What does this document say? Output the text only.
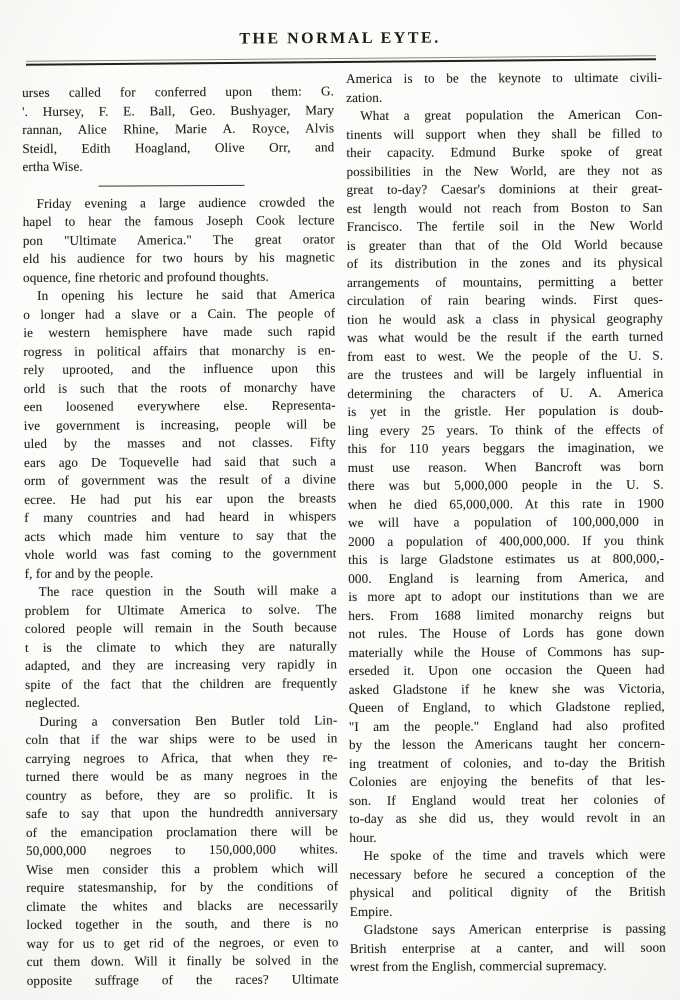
THE NORMAL EYTE.
urses called for conferred upon them: G.
'. Hursey, F. E. Ball, Geo. Bushyager, Mary
rannan, Alice Rhine, Marie A. Royce, Alvis
Steidl, Edith Hoagland, Olive Orr, and
ertha Wise.
Friday evening a large audience crowded the
hapel to hear the famous Joseph Cook lecture
pon "Ultimate America." The great orator
eld his audience for two hours by his magnetic
oquence, fine rhetoric and profound thoughts.
In opening his lecture he said that America
o longer had a slave or a Cain. The people of
ie western hemisphere have made such rapid
rogress in political affairs that monarchy is en-
rely uprooted, and the influence upon this
orld is such that the roots of monarchy have
een loosened everywhere else. Representa-
ive government is increasing, people will be
uled by the masses and not classes. Fifty
ears ago De Toquevelle had said that such a
orm of government was the result of a divine
ecree. He had put his ear upon the breasts
f many countries and had heard in whispers
acts which made him venture to say that the
vhole world was fast coming to the government
f, for and by the people.
The race question in the South will make a
problem for Ultimate America to solve. The
colored people will remain in the South because
t is the climate to which they are naturally
adapted, and they are increasing very rapidly in
spite of the fact that the children are frequently
neglected.
During a conversation Ben Butler told Lin-
coln that if the war ships were to be used in
carrying negroes to Africa, that when they re-
turned there would be as many negroes in the
country as before, they are so prolific. It is
safe to say that upon the hundredth anniversary
of the emancipation proclamation there will be
50,000,000 negroes to 150,000,000 whites.
Wise men consider this a problem which will
require statesmanship, for by the conditions of
climate the whites and blacks are necessarily
locked together in the south, and there is no
way for us to get rid of the negroes, or even to
cut them down. Will it finally be solved in the
opposite suffrage of the races? Ultimate
America is to be the keynote to ultimate civili-
zation.
What a great population the American Con-
tinents will support when they shall be filled to
their capacity. Edmund Burke spoke of great
possibilities in the New World, are they not as
great to-day? Caesar's dominions at their great-
est length would not reach from Boston to San
Francisco. The fertile soil in the New World
is greater than that of the Old World because
of its distribution in the zones and its physical
arrangements of mountains, permitting a better
circulation of rain bearing winds. First ques-
tion he would ask a class in physical geography
was what would be the result if the earth turned
from east to west. We the people of the U. S.
are the trustees and will be largely influential in
determining the characters of U. A. America
is yet in the gristle. Her population is doub-
ling every 25 years. To think of the effects of
this for 110 years beggars the imagination, we
must use reason. When Bancroft was born
there was but 5,000,000 people in the U. S.
when he died 65,000,000. At this rate in 1900
we will have a population of 100,000,000 in
2000 a population of 400,000,000. If you think
this is large Gladstone estimates us at 800,000,-
000. England is learning from America, and
is more apt to adopt our institutions than we are
hers. From 1688 limited monarchy reigns but
not rules. The House of Lords has gone down
materially while the House of Commons has sup-
erseded it. Upon one occasion the Queen had
asked Gladstone if he knew she was Victoria,
Queen of England, to which Gladstone replied,
"I am the people." England had also profited
by the lesson the Americans taught her concern-
ing treatment of colonies, and to-day the British
Colonies are enjoying the benefits of that les-
son. If England would treat her colonies of
to-day as she did us, they would revolt in an
hour.
He spoke of the time and travels which were
necessary before he secured a conception of the
physical and political dignity of the British
Empire.
Gladstone says American enterprise is passing
British enterprise at a canter, and will soon
wrest from the English, commercial supremacy.
